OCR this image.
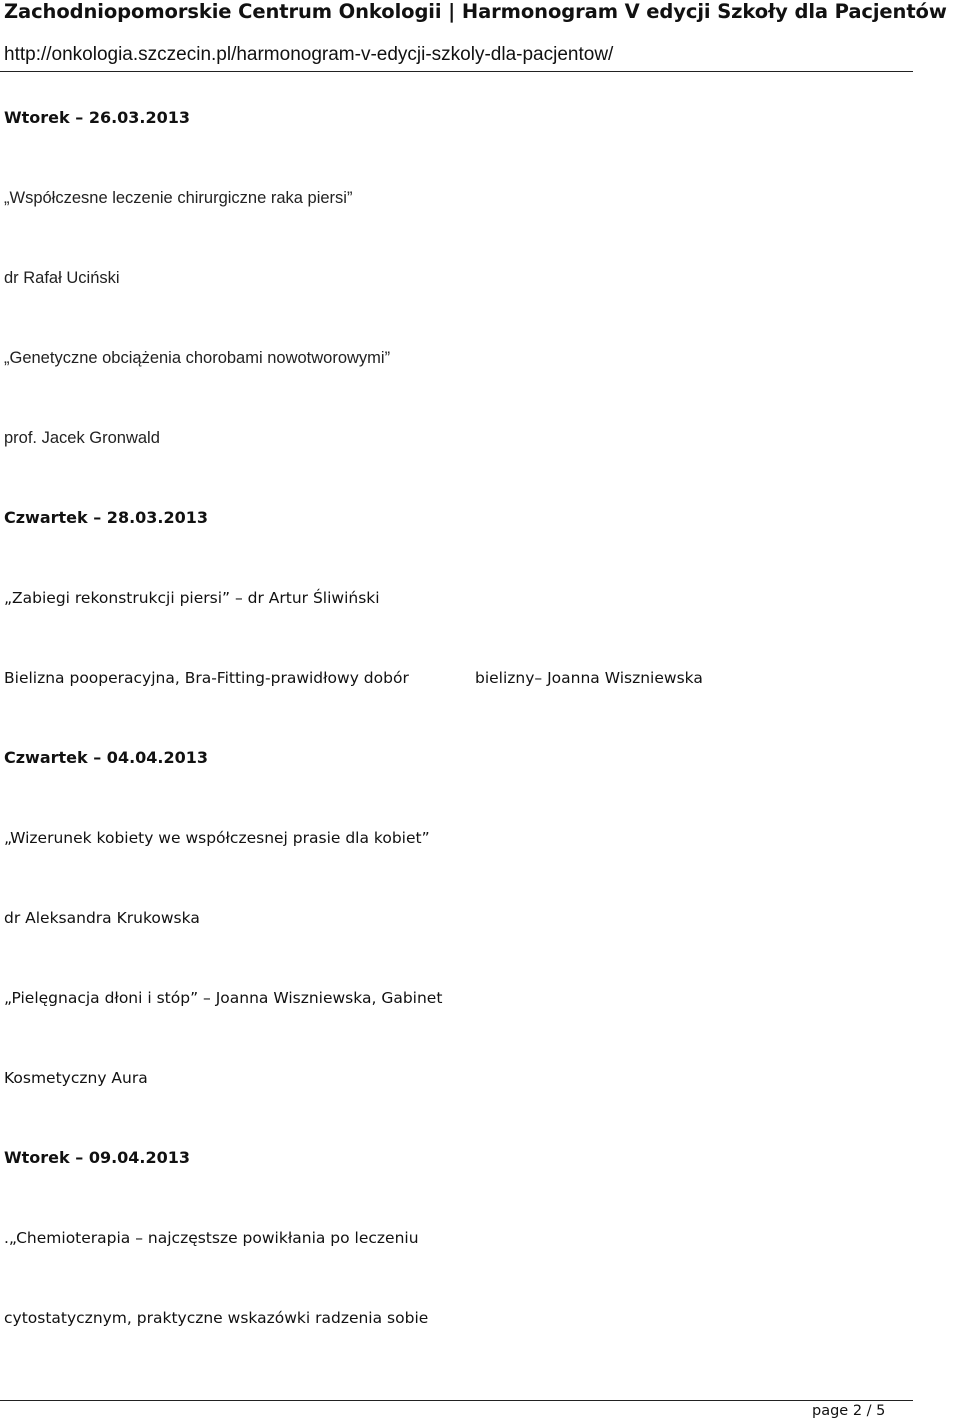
Zachodniopomorskie Centrum Onkologii | Harmonogram V edycji Szkoły dla Pacjentów
http://onkologia.szczecin.pl/harmonogram-v-edycji-szkoly-dla-pacjentow/
Wtorek – 26.03.2013
„Współczesne leczenie chirurgiczne raka piersi”
dr Rafał Uciński
„Genetyczne obciążenia chorobami nowotworowymi”
prof. Jacek Gronwald
Czwartek – 28.03.2013
„Zabiegi rekonstrukcji piersi” – dr Artur Śliwiński
Bielizna pooperacyjna, Bra-Fitting-prawidłowy dobór	bielizny– Joanna Wiszniewska
Czwartek – 04.04.2013
„Wizerunek kobiety we współczesnej prasie dla kobiet”
dr Aleksandra Krukowska
„Pielęgnacja dłoni i stóp” – Joanna Wiszniewska, Gabinet
Kosmetyczny Aura
Wtorek – 09.04.2013
.„Chemioterapia – najczęstsze powikłania po leczeniu
cytostatycznym, praktyczne wskazówki radzenia sobie
page 2 / 5
